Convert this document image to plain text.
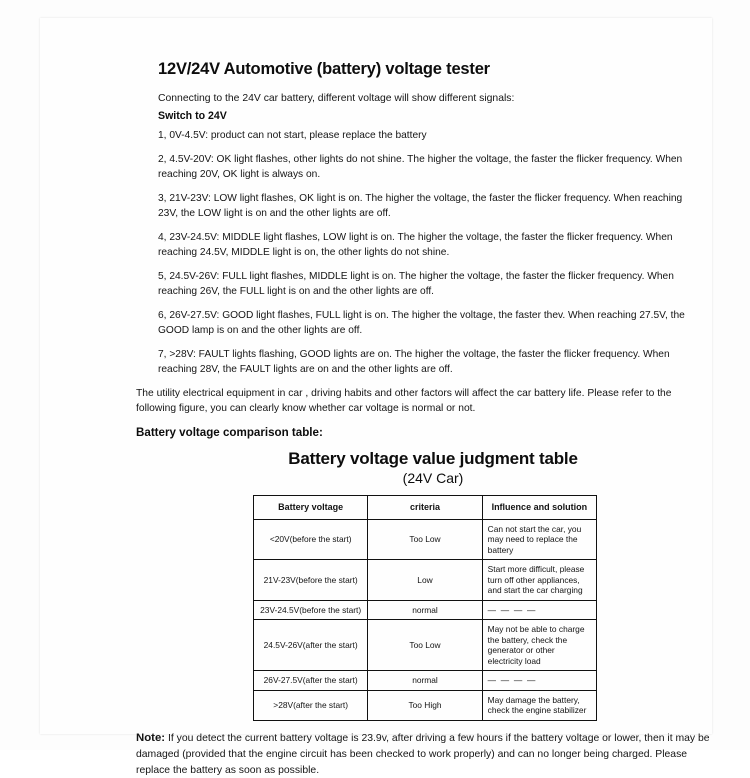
12V/24V Automotive (battery) voltage tester

Connecting to the 24V car battery, different voltage will show different signals:

Switch to 24V

1, 0V-4.5V: product can not start, please replace the battery

2, 4.5V-20V: OK light flashes, other lights do not shine. The higher the voltage, the faster the flicker frequency. When reaching 20V, OK light is always on.

3, 21V-23V: LOW light flashes, OK light is on. The higher the voltage, the faster the flicker frequency. When reaching 23V, the LOW light is on and the other lights are off.

4, 23V-24.5V: MIDDLE light flashes, LOW light is on. The higher the voltage, the faster the flicker frequency. When reaching 24.5V, MIDDLE light is on, the other lights do not shine.

5, 24.5V-26V: FULL light flashes, MIDDLE light is on. The higher the voltage, the faster the flicker frequency. When reaching 26V, the FULL light is on and the other lights are off.

6, 26V-27.5V: GOOD light flashes, FULL light is on. The higher the voltage, the faster thev. When reaching 27.5V, the GOOD lamp is on and the other lights are off.

7, >28V: FAULT lights flashing, GOOD lights are on. The higher the voltage, the faster the flicker frequency. When reaching 28V, the FAULT lights are on and the other lights are off.

The utility electrical equipment in car , driving habits and other factors will affect the car battery life. Please refer to the following figure, you can clearly know whether car voltage is normal or not.

Battery voltage comparison table:

Battery voltage value judgment table
(24V Car)
Battery voltage	criteria	Influence and solution
<20V(before the start)	Too Low	Can not start the car, you may need to replace the battery
21V-23V(before the start)	Low	Start more difficult, please turn off other appliances, and start the car charging
23V-24.5V(before the start)	normal	— — — —
24.5V-26V(after the start)	Too Low	May not be able to charge the battery, check the generator or other electricity load
26V-27.5V(after the start)	normal	— — — —
>28V(after the start)	Too High	May damage the battery, check the engine stabilizer

Note: If you detect the current battery voltage is 23.9v, after driving a few hours if the battery voltage or lower, then it may be damaged (provided that the engine circuit has been checked to work properly) and can no longer being charged. Please replace the battery as soon as possible.
